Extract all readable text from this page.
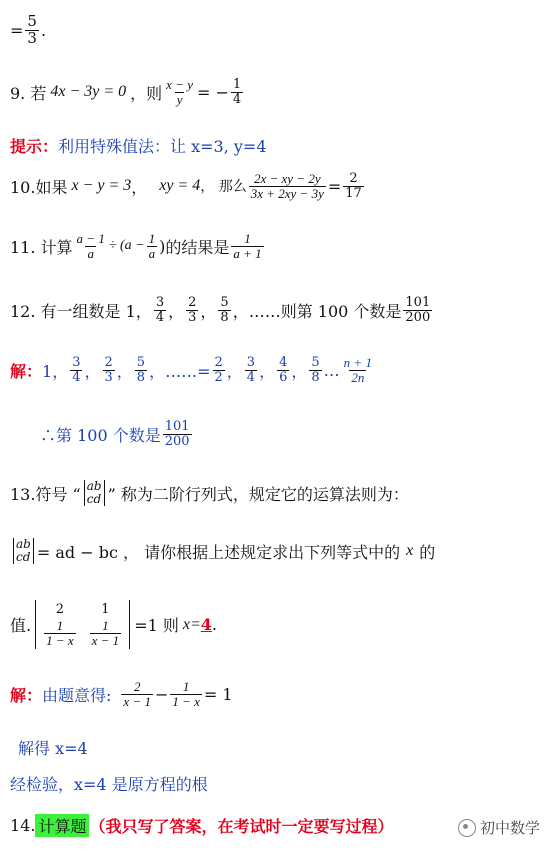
= $\frac{5}{3}$ .
9. 若 4x − 3y = 0 ，则 $\frac{x - y}{y}$ = − $\frac{1}{4}$
提示： 利用特殊值法：让 x=3, y=4
10.如果 x − y = 3 ， xy = 4 ， 那么 $\frac{2x - xy - 2y}{3x + 2xy - 3y} = \frac{2}{17}$
11. 计算 $\frac{a - 1}{a} \div (a - \frac{1}{a}$ ) 的结果是 $\frac{1}{a + 1}$
12. 有一组数是 1， $\frac{3}{4}$ ， $\frac{2}{3}$ ， $\frac{5}{8}$ ，……则第 100 个数是 $\frac{101}{200}$
解： 1， $\frac{3}{4}$ ， $\frac{2}{3}$ ， $\frac{5}{8}$ ，……= $\frac{2}{2}$ ， $\frac{3}{4}$ ， $\frac{4}{6}$ ， $\frac{5}{8}$ … $\frac{n + 1}{2n}$
∴第 100 个数是 $\frac{101}{200}$
13.符号 “ ab
cd ” 称为二阶行列式，规定它的运算法则为：
ab
cd = ad − bc ， 请你根据上述规定求出下列等式中的 x 的
值.
2	1
$\frac{1}{1 - x} \frac{1}{x - 1} =1$ 则 x= 4 .
解： 由题意得: $\frac{2}{x - 1} - \frac{1}{1 - x} = 1$
解得 x=4
经检验，x=4 是原方程的根
14. 计算题 （我只写了答案，在考试时一定要写过程）	初中数学
